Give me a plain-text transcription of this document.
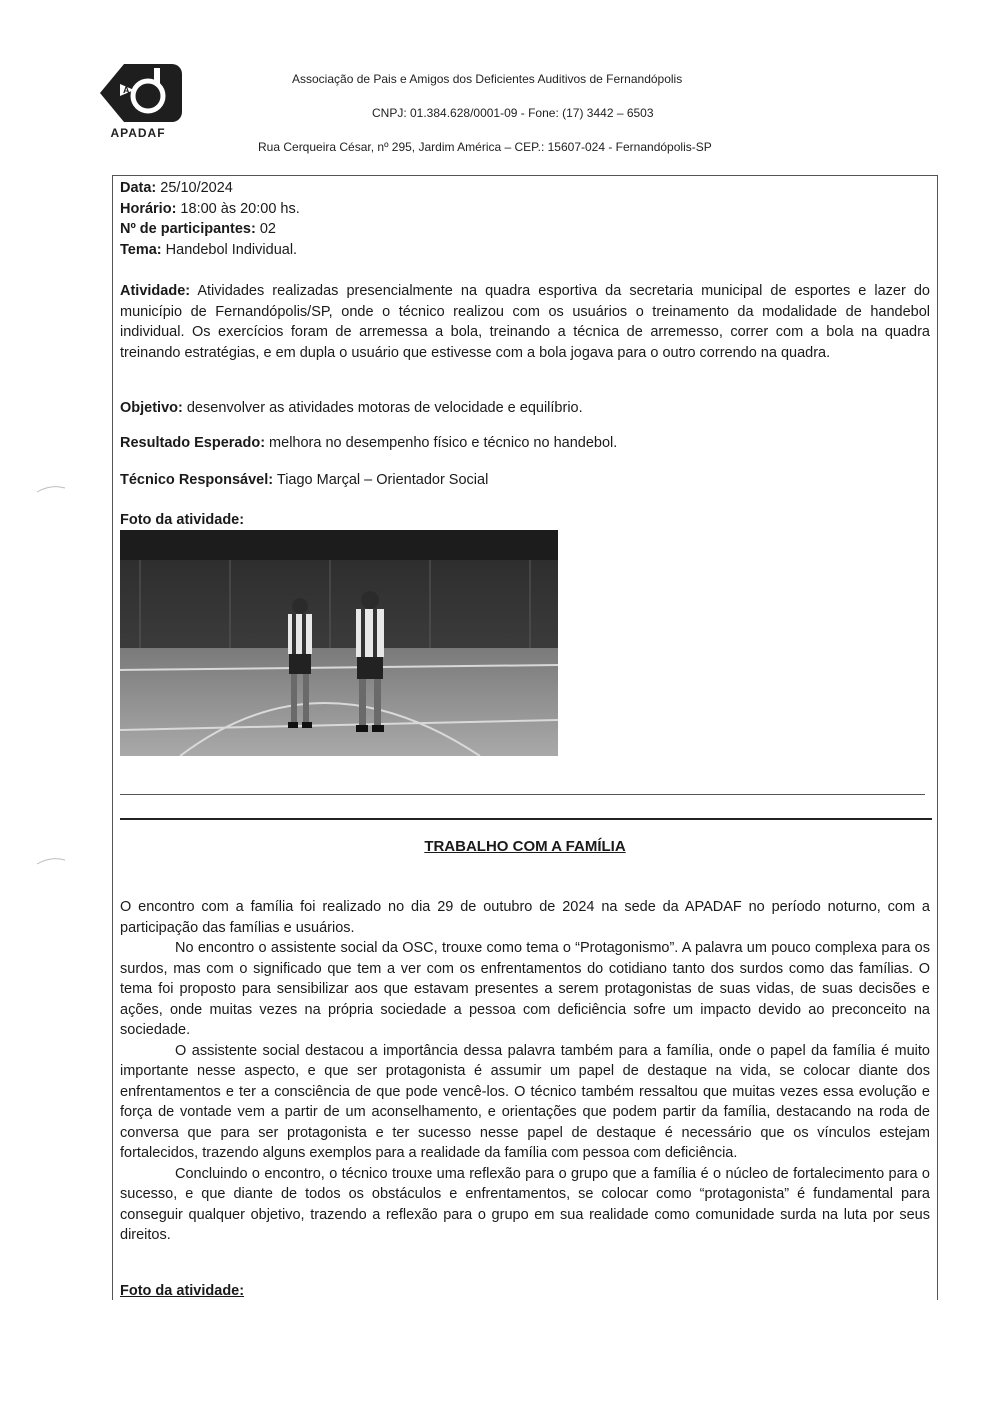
A
APADAF
Associação de Pais e Amigos dos Deficientes Auditivos de Fernandópolis
CNPJ: 01.384.628/0001-09 - Fone: (17) 3442 – 6503
Rua Cerqueira César, nº 295, Jardim América – CEP.: 15607-024 - Fernandópolis-SP
Data: 25/10/2024
Horário: 18:00 às 20:00 hs.
Nº de participantes: 02
Tema: Handebol Individual.
Atividade: Atividades realizadas presencialmente na quadra esportiva da secretaria municipal de esportes e lazer do município de Fernandópolis/SP, onde o técnico realizou com os usuários o treinamento da modalidade de handebol individual. Os exercícios foram de arremessa a bola, treinando a técnica de arremesso, correr com a bola na quadra treinando estratégias, e em dupla o usuário que estivesse com a bola jogava para o outro correndo na quadra.
Objetivo: desenvolver as atividades motoras de velocidade e equilíbrio.
Resultado Esperado: melhora no desempenho físico e técnico no handebol.
Técnico Responsável: Tiago Marçal – Orientador Social
Foto da atividade:
TRABALHO COM A FAMÍLIA

O encontro com a família foi realizado no dia 29 de outubro de 2024 na sede da APADAF no período noturno, com a participação das famílias e usuários.

No encontro o assistente social da OSC, trouxe como tema o “Protagonismo”. A palavra um pouco complexa para os surdos, mas com o significado que tem a ver com os enfrentamentos do cotidiano tanto dos surdos como das famílias. O tema foi proposto para sensibilizar aos que estavam presentes a serem protagonistas de suas vidas, de suas decisões e ações, onde muitas vezes na própria sociedade a pessoa com deficiência sofre um impacto devido ao preconceito na sociedade.

O assistente social destacou a importância dessa palavra também para a família, onde o papel da família é muito importante nesse aspecto, e que ser protagonista é assumir um papel de destaque na vida, se colocar diante dos enfrentamentos e ter a consciência de que pode vencê-los. O técnico também ressaltou que muitas vezes essa evolução e força de vontade vem a partir de um aconselhamento, e orientações que podem partir da família, destacando na roda de conversa que para ser protagonista e ter sucesso nesse papel de destaque é necessário que os vínculos estejam fortalecidos, trazendo alguns exemplos para a realidade da família com pessoa com deficiência.

Concluindo o encontro, o técnico trouxe uma reflexão para o grupo que a família é o núcleo de fortalecimento para o sucesso, e que diante de todos os obstáculos e enfrentamentos, se colocar como “protagonista” é fundamental para conseguir qualquer objetivo, trazendo a reflexão para o grupo em sua realidade como comunidade surda na luta por seus direitos.

Foto da atividade:
